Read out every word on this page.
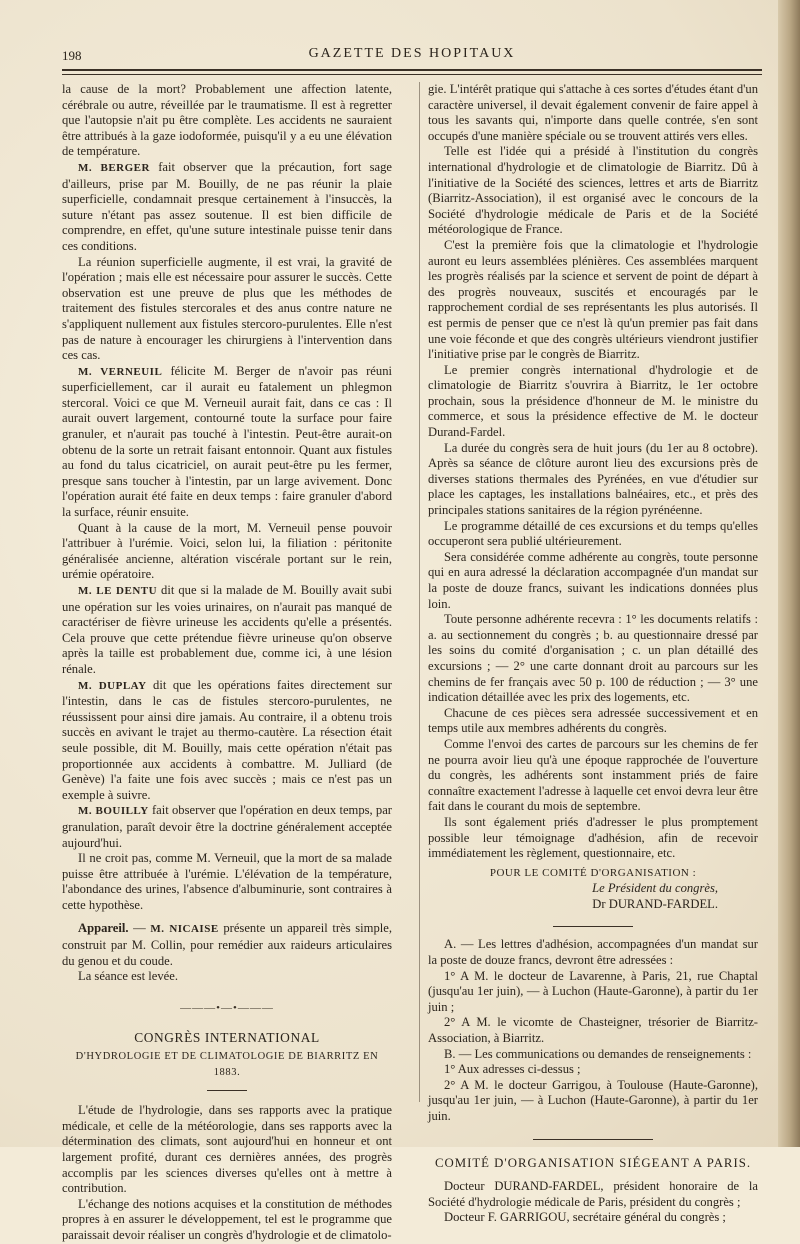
198	GAZETTE DES HOPITAUX

la cause de la mort? Probablement une affection latente, cérébrale ou autre, réveillée par le traumatisme. Il est à regretter que l'autopsie n'ait pu être complète. Les accidents ne sauraient être attribués à la gaze iodoformée, puisqu'il y a eu une élévation de température.

M. BERGER fait observer que la précaution, fort sage d'ailleurs, prise par M. Bouilly, de ne pas réunir la plaie superficielle, condamnait presque certainement à l'insuccès, la suture n'étant pas assez soutenue. Il est bien difficile de comprendre, en effet, qu'une suture intestinale puisse tenir dans ces conditions.

La réunion superficielle augmente, il est vrai, la gravité de l'opération ; mais elle est nécessaire pour assurer le succès. Cette observation est une preuve de plus que les méthodes de traitement des fistules stercorales et des anus contre nature ne s'appliquent nullement aux fistules stercoro-purulentes. Elle n'est pas de nature à encourager les chirurgiens à l'intervention dans ces cas.

M. VERNEUIL félicite M. Berger de n'avoir pas réuni superficiellement, car il aurait eu fatalement un phlegmon stercoral. Voici ce que M. Verneuil aurait fait, dans ce cas : Il aurait ouvert largement, contourné toute la surface pour faire granuler, et n'aurait pas touché à l'intestin. Peut-être aurait-on obtenu de la sorte un retrait faisant entonnoir. Quant aux fistules au fond du talus cicatriciel, on aurait peut-être pu les fermer, presque sans toucher à l'intestin, par un large avivement. Donc l'opération aurait été faite en deux temps : faire granuler d'abord la surface, réunir ensuite.

Quant à la cause de la mort, M. Verneuil pense pouvoir l'attribuer à l'urémie. Voici, selon lui, la filiation : péritonite généralisée ancienne, altération viscérale portant sur le rein, urémie opératoire.

M. LE DENTU dit que si la malade de M. Bouilly avait subi une opération sur les voies urinaires, on n'aurait pas manqué de caractériser de fièvre urineuse les accidents qu'elle a présentés. Cela prouve que cette prétendue fièvre urineuse qu'on observe après la taille est probablement due, comme ici, à une lésion rénale.

M. DUPLAY dit que les opérations faites directement sur l'intestin, dans le cas de fistules stercoro-purulentes, ne réussissent pour ainsi dire jamais. Au contraire, il a obtenu trois succès en avivant le trajet au thermo-cautère. La résection était seule possible, dit M. Bouilly, mais cette opération n'était pas proportionnée aux accidents à combattre. M. Julliard (de Genève) l'a faite une fois avec succès ; mais ce n'est pas un exemple à suivre.

M. BOUILLY fait observer que l'opération en deux temps, par granulation, paraît devoir être la doctrine généralement acceptée aujourd'hui.

Il ne croit pas, comme M. Verneuil, que la mort de sa malade puisse être attribuée à l'urémie. L'élévation de la température, l'abondance des urines, l'absence d'albuminurie, sont contraires à cette hypothèse.

Appareil. — M. NICAISE présente un appareil très simple, construit par M. Collin, pour remédier aux raideurs articulaires du genou et du coude.

La séance est levée.

———•—•———
CONGRÈS INTERNATIONAL
D'HYDROLOGIE ET DE CLIMATOLOGIE DE BIARRITZ EN 1883.

L'étude de l'hydrologie, dans ses rapports avec la pratique médicale, et celle de la météorologie, dans ses rapports avec la détermination des climats, sont aujourd'hui en honneur et ont largement profité, durant ces dernières années, des progrès accomplis par les sciences diverses qu'elles ont à mettre à contribution.

L'échange des notions acquises et la constitution de méthodes propres à en assurer le développement, tel est le programme que paraissait devoir réaliser un congrès d'hydrologie et de climatolo-

gie. L'intérêt pratique qui s'attache à ces sortes d'études étant d'un caractère universel, il devait également convenir de faire appel à tous les savants qui, n'importe dans quelle contrée, s'en sont occupés d'une manière spéciale ou se trouvent attirés vers elles.

Telle est l'idée qui a présidé à l'institution du congrès international d'hydrologie et de climatologie de Biarritz. Dû à l'initiative de la Société des sciences, lettres et arts de Biarritz (Biarritz-Association), il est organisé avec le concours de la Société d'hydrologie médicale de Paris et de la Société météorologique de France.

C'est la première fois que la climatologie et l'hydrologie auront eu leurs assemblées plénières. Ces assemblées marquent les progrès réalisés par la science et servent de point de départ à des progrès nouveaux, suscités et encouragés par le rapprochement cordial de ses représentants les plus autorisés. Il est permis de penser que ce n'est là qu'un premier pas fait dans une voie féconde et que des congrès ultérieurs viendront justifier l'initiative prise par le congrès de Biarritz.

Le premier congrès international d'hydrologie et de climatologie de Biarritz s'ouvrira à Biarritz, le 1er octobre prochain, sous la présidence d'honneur de M. le ministre du commerce, et sous la présidence effective de M. le docteur Durand-Fardel.

La durée du congrès sera de huit jours (du 1er au 8 octobre). Après sa séance de clôture auront lieu des excursions près de diverses stations thermales des Pyrénées, en vue d'étudier sur place les captages, les installations balnéaires, etc., et près des principales stations sanitaires de la région pyrénéenne.

Le programme détaillé de ces excursions et du temps qu'elles occuperont sera publié ultérieurement.

Sera considérée comme adhérente au congrès, toute personne qui en aura adressé la déclaration accompagnée d'un mandat sur la poste de douze francs, suivant les indications données plus loin.

Toute personne adhérente recevra : 1° les documents relatifs : a. au sectionnement du congrès ; b. au questionnaire dressé par les soins du comité d'organisation ; c. un plan détaillé des excursions ; — 2° une carte donnant droit au parcours sur les chemins de fer français avec 50 p. 100 de réduction ; — 3° une indication détaillée avec les prix des logements, etc.

Chacune de ces pièces sera adressée successivement et en temps utile aux membres adhérents du congrès.

Comme l'envoi des cartes de parcours sur les chemins de fer ne pourra avoir lieu qu'à une époque rapprochée de l'ouverture du congrès, les adhérents sont instamment priés de faire connaître exactement l'adresse à laquelle cet envoi devra leur être fait dans le courant du mois de septembre.

Ils sont également priés d'adresser le plus promptement possible leur témoignage d'adhésion, afin de recevoir immédiatement les règlement, questionnaire, etc.

POUR LE COMITÉ D'ORGANISATION :
Le Président du congrès,
Dr DURAND-FARDEL.

A. — Les lettres d'adhésion, accompagnées d'un mandat sur la poste de douze francs, devront être adressées :

1° A M. le docteur de Lavarenne, à Paris, 21, rue Chaptal (jusqu'au 1er juin), — à Luchon (Haute-Garonne), à partir du 1er juin ;

2° A M. le vicomte de Chasteigner, trésorier de Biarritz-Association, à Biarritz.

B. — Les communications ou demandes de renseignements :

1° Aux adresses ci-dessus ;

2° A M. le docteur Garrigou, à Toulouse (Haute-Garonne), jusqu'au 1er juin, — à Luchon (Haute-Garonne), à partir du 1er juin.

COMITÉ D'ORGANISATION SIÉGEANT A PARIS.

Docteur DURAND-FARDEL, président honoraire de la Société d'hydrologie médicale de Paris, président du congrès ;

Docteur F. GARRIGOU, secrétaire général du congrès ;
